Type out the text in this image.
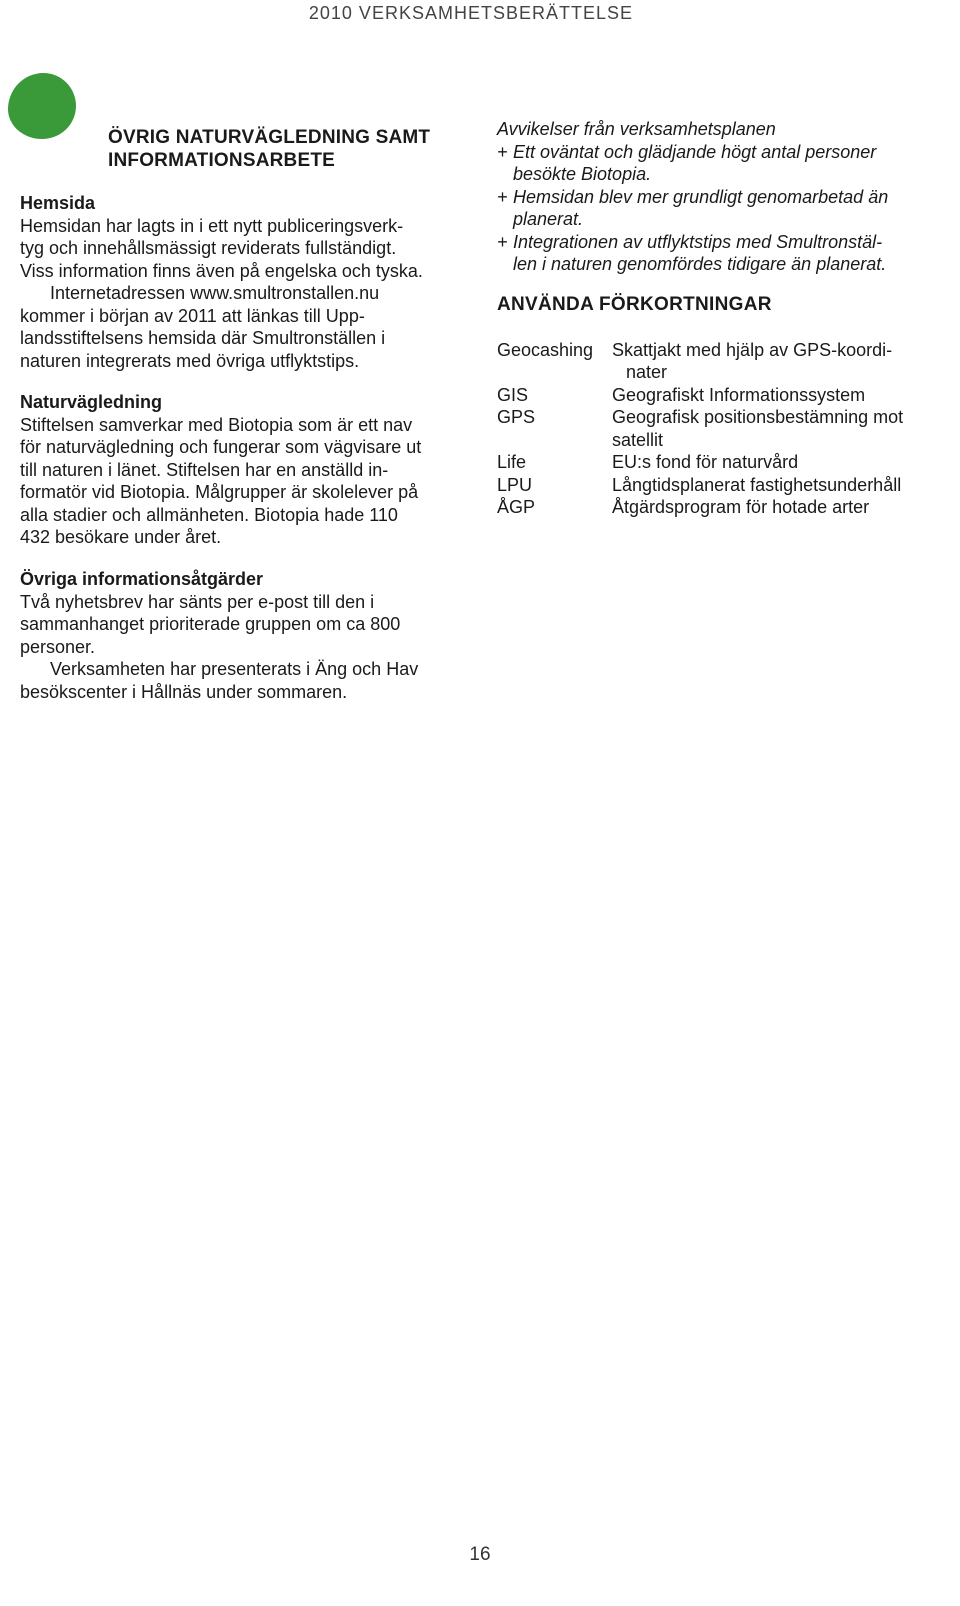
2010 VERKSAMHETSBERÄTTELSE
ÖVRIG NATURVÄGLEDNING SAMT
INFORMATIONSARBETE

Hemsida

Hemsidan har lagts in i ett nytt publiceringsverk-

tyg och innehållsmässigt reviderats fullständigt.

Viss information finns även på engelska och tyska.

Internetadressen www.smultronstallen.nu

kommer i början av 2011 att länkas till Upp-

landsstiftelsens hemsida där Smultronställen i

naturen integrerats med övriga utflyktstips.

Naturvägledning

Stiftelsen samverkar med Biotopia som är ett nav

för naturvägledning och fungerar som vägvisare ut

till naturen i länet. Stiftelsen har en anställd in-

formatör vid Biotopia. Målgrupper är skolelever på

alla stadier och allmänheten. Biotopia hade 110

432 besökare under året.

Övriga informationsåtgärder

Två nyhetsbrev har sänts per e-post till den i

sammanhanget prioriterade gruppen om ca 800

personer.

Verksamheten har presenterats i Äng och Hav

besökscenter i Hållnäs under sommaren.

Avvikelser från verksamhetsplanen

+ Ett oväntat och glädjande högt antal personer

besökte Biotopia.

+ Hemsidan blev mer grundligt genomarbetad än

planerat.

+ Integrationen av utflyktstips med Smultronstäl-

len i naturen genomfördes tidigare än planerat.

ANVÄNDA FÖRKORTNINGAR

Geocashing	Skattjakt med hjälp av GPS-koordi-

nater

GIS	Geografiskt Informationssystem

GPS	Geografisk positionsbestämning mot

satellit

Life	EU:s fond för naturvård

LPU	Långtidsplanerat fastighetsunderhåll

ÅGP	Åtgärdsprogram för hotade arter

16
